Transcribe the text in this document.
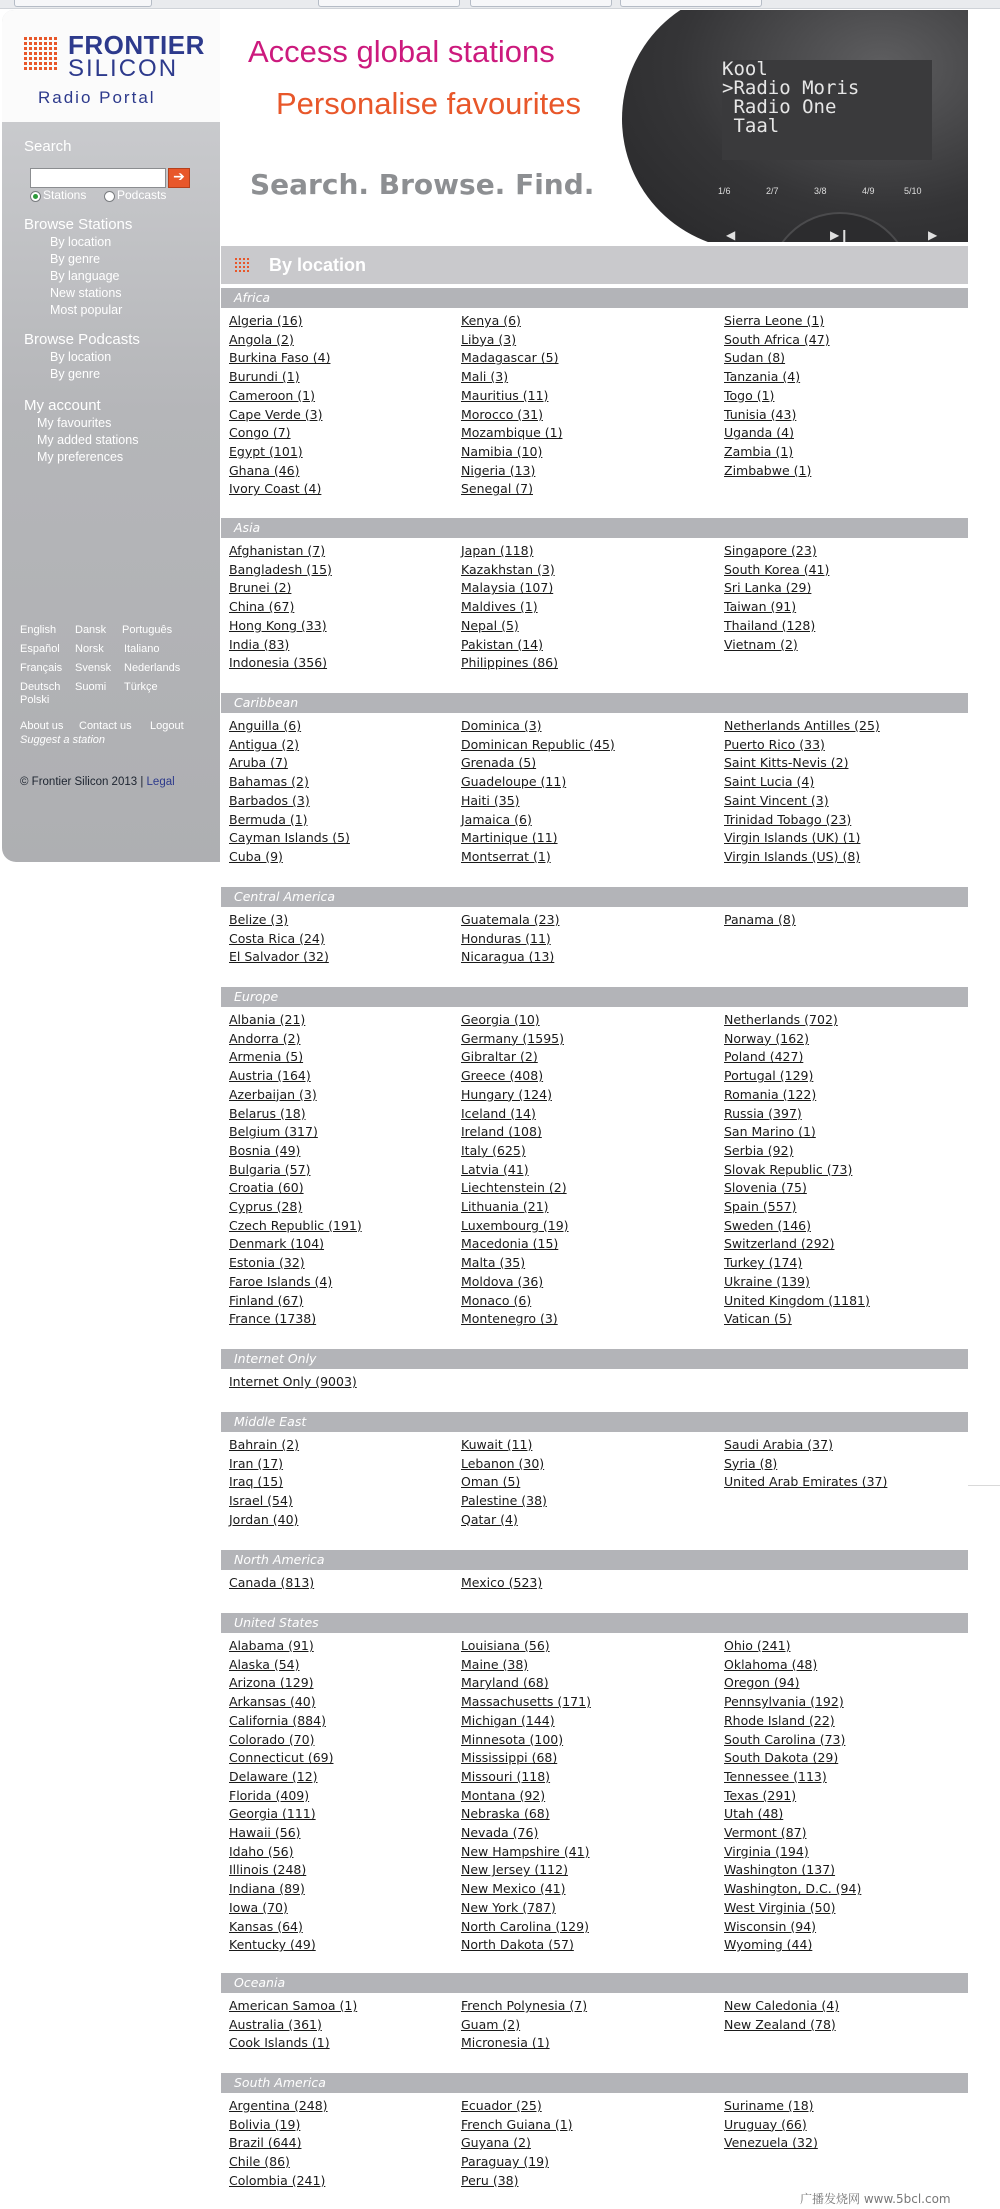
FRONTIER
SILICON
Radio Portal
Search
➔
Stations	Podcasts
Browse Stations
By location
By genre
By language
New stations
Most popular
Browse Podcasts
By location
By genre
My account
My favourites
My added stations
My preferences
English Dansk Português
Español Norsk Italiano
Français Svensk Nederlands
Deutsch Suomi Türkçe
Polski
About us Contact us Logout
Suggest a station
© Frontier Silicon 2013 | Legal
Access global stations
Personalise favourites
Search. Browse. Find.
Kool
>Radio Moris
Radio One
Taal
1/6	2/7	3/8	4/9	5/10
◀	▶❙	▶
By location
Africa
Algeria (16)
Angola (2)
Burkina Faso (4)
Burundi (1)
Cameroon (1)
Cape Verde (3)
Congo (7)
Egypt (101)
Ghana (46)
Ivory Coast (4)
Kenya (6)
Libya (3)
Madagascar (5)
Mali (3)
Mauritius (11)
Morocco (31)
Mozambique (1)
Namibia (10)
Nigeria (13)
Senegal (7)
Sierra Leone (1)
South Africa (47)
Sudan (8)
Tanzania (4)
Togo (1)
Tunisia (43)
Uganda (4)
Zambia (1)
Zimbabwe (1)
Asia
Afghanistan (7)
Bangladesh (15)
Brunei (2)
China (67)
Hong Kong (33)
India (83)
Indonesia (356)
Japan (118)
Kazakhstan (3)
Malaysia (107)
Maldives (1)
Nepal (5)
Pakistan (14)
Philippines (86)
Singapore (23)
South Korea (41)
Sri Lanka (29)
Taiwan (91)
Thailand (128)
Vietnam (2)
Caribbean
Anguilla (6)
Antigua (2)
Aruba (7)
Bahamas (2)
Barbados (3)
Bermuda (1)
Cayman Islands (5)
Cuba (9)
Dominica (3)
Dominican Republic (45)
Grenada (5)
Guadeloupe (11)
Haiti (35)
Jamaica (6)
Martinique (11)
Montserrat (1)
Netherlands Antilles (25)
Puerto Rico (33)
Saint Kitts-Nevis (2)
Saint Lucia (4)
Saint Vincent (3)
Trinidad Tobago (23)
Virgin Islands (UK) (1)
Virgin Islands (US) (8)
Central America
Belize (3)
Costa Rica (24)
El Salvador (32)
Guatemala (23)
Honduras (11)
Nicaragua (13)
Panama (8)
Europe
Albania (21)
Andorra (2)
Armenia (5)
Austria (164)
Azerbaijan (3)
Belarus (18)
Belgium (317)
Bosnia (49)
Bulgaria (57)
Croatia (60)
Cyprus (28)
Czech Republic (191)
Denmark (104)
Estonia (32)
Faroe Islands (4)
Finland (67)
France (1738)
Georgia (10)
Germany (1595)
Gibraltar (2)
Greece (408)
Hungary (124)
Iceland (14)
Ireland (108)
Italy (625)
Latvia (41)
Liechtenstein (2)
Lithuania (21)
Luxembourg (19)
Macedonia (15)
Malta (35)
Moldova (36)
Monaco (6)
Montenegro (3)
Netherlands (702)
Norway (162)
Poland (427)
Portugal (129)
Romania (122)
Russia (397)
San Marino (1)
Serbia (92)
Slovak Republic (73)
Slovenia (75)
Spain (557)
Sweden (146)
Switzerland (292)
Turkey (174)
Ukraine (139)
United Kingdom (1181)
Vatican (5)
Internet Only
Internet Only (9003)
Middle East
Bahrain (2)
Iran (17)
Iraq (15)
Israel (54)
Jordan (40)
Kuwait (11)
Lebanon (30)
Oman (5)
Palestine (38)
Qatar (4)
Saudi Arabia (37)
Syria (8)
United Arab Emirates (37)
North America
Canada (813)	Mexico (523)
United States
Alabama (91)
Alaska (54)
Arizona (129)
Arkansas (40)
California (884)
Colorado (70)
Connecticut (69)
Delaware (12)
Florida (409)
Georgia (111)
Hawaii (56)
Idaho (56)
Illinois (248)
Indiana (89)
Iowa (70)
Kansas (64)
Kentucky (49)
Louisiana (56)
Maine (38)
Maryland (68)
Massachusetts (171)
Michigan (144)
Minnesota (100)
Mississippi (68)
Missouri (118)
Montana (92)
Nebraska (68)
Nevada (76)
New Hampshire (41)
New Jersey (112)
New Mexico (41)
New York (787)
North Carolina (129)
North Dakota (57)
Ohio (241)
Oklahoma (48)
Oregon (94)
Pennsylvania (192)
Rhode Island (22)
South Carolina (73)
South Dakota (29)
Tennessee (113)
Texas (291)
Utah (48)
Vermont (87)
Virginia (194)
Washington (137)
Washington, D.C. (94)
West Virginia (50)
Wisconsin (94)
Wyoming (44)
Oceania
American Samoa (1)
Australia (361)
Cook Islands (1)
French Polynesia (7)
Guam (2)
Micronesia (1)
New Caledonia (4)
New Zealand (78)
South America
Argentina (248)
Bolivia (19)
Brazil (644)
Chile (86)
Colombia (241)
Ecuador (25)
French Guiana (1)
Guyana (2)
Paraguay (19)
Peru (38)
Suriname (18)
Uruguay (66)
Venezuela (32)
广播发烧网 www.5bcl.com
